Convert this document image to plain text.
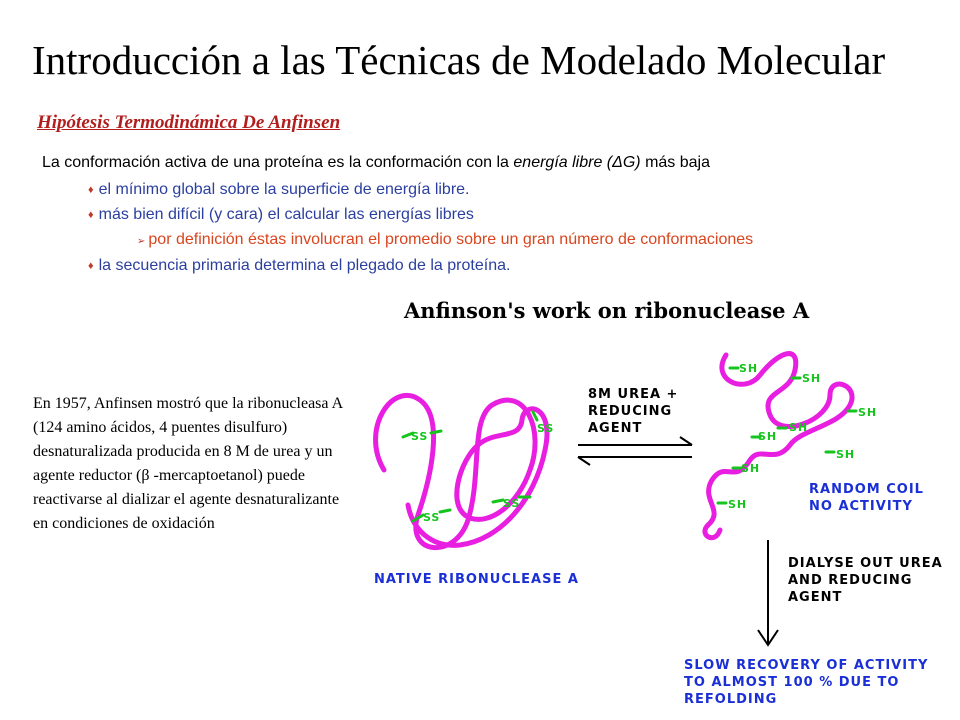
Introducción a las Técnicas de Modelado Molecular
Hipótesis Termodinámica De Anfinsen
La conformación activa de una proteína es la conformación con la energía libre (ΔG) más baja
♦ el mínimo global sobre la superficie de energía libre.
♦ más bien difícil (y cara) el calcular las energías libres
➢ por definición éstas involucran el promedio sobre un gran número de conformaciones
♦ la secuencia primaria determina el plegado de la proteína.
En 1957, Anfinsen mostró que la ribonucleasa A (124 amino ácidos, 4 puentes disulfuro) desnaturalizada producida en 8 M de urea y un agente reductor (β -mercaptoetanol) puede reactivarse al dializar el agente desnaturalizante en condiciones de oxidación
Anfinson's work on ribonuclease A
SS
SS
SS
SS
SH
SH
SH
SH
SH
SH
SH
SH
NATIVE RIBONUCLEASE A
8M UREA +
REDUCING
AGENT
RANDOM COIL
NO ACTIVITY
DIALYSE OUT UREA
AND REDUCING
AGENT
SLOW RECOVERY OF ACTIVITY
TO ALMOST 100 % DUE TO
REFOLDING
